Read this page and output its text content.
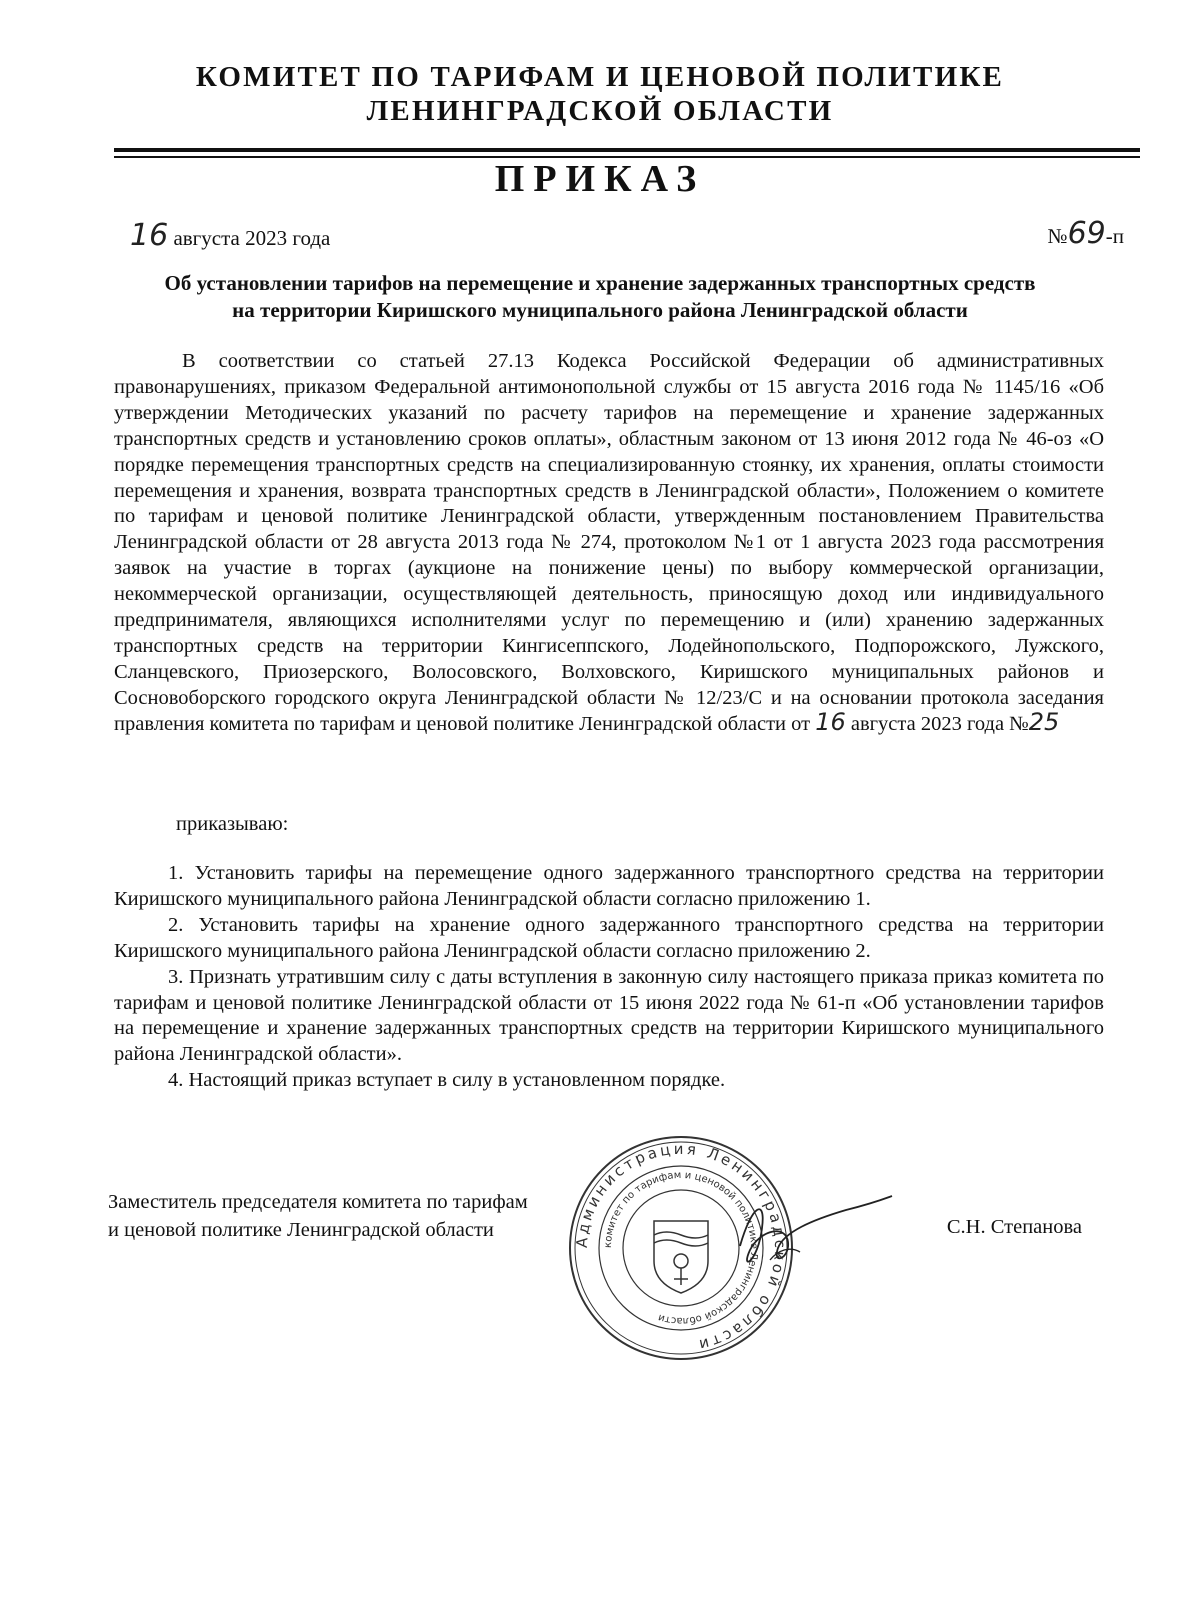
КОМИТЕТ ПО ТАРИФАМ И ЦЕНОВОЙ ПОЛИТИКЕ
ЛЕНИНГРАДСКОЙ ОБЛАСТИ
ПРИКАЗ
16 августа 2023 года	№69-п
Об установлении тарифов на перемещение и хранение задержанных транспортных средств
на территории Киришского муниципального района Ленинградской области

В соответствии со статьей 27.13 Кодекса Российской Федерации об административных правонарушениях, приказом Федеральной антимонопольной службы от 15 августа 2016 года № 1145/16 «Об утверждении Методических указаний по расчету тарифов на перемещение и хранение задержанных транспортных средств и установлению сроков оплаты», областным законом от 13 июня 2012 года № 46-оз «О порядке перемещения транспортных средств на специализированную стоянку, их хранения, оплаты стоимости перемещения и хранения, возврата транспортных средств в Ленинградской области», Положением о комитете по тарифам и ценовой политике Ленинградской области, утвержденным постановлением Правительства Ленинградской области от 28 августа 2013 года № 274, протоколом №1 от 1 августа 2023 года рассмотрения заявок на участие в торгах (аукционе на понижение цены) по выбору коммерческой организации, некоммерческой организации, осуществляющей деятельность, приносящую доход или индивидуального предпринимателя, являющихся исполнителями услуг по перемещению и (или) хранению задержанных транспортных средств на территории Кингисеппского, Лодейнопольского, Подпорожского, Лужского, Сланцевского, Приозерского, Волосовского, Волховского, Киришского муниципальных районов и Сосновоборского городского округа Ленинградской области № 12/23/С и на основании протокола заседания правления комитета по тарифам и ценовой политике Ленинградской области от 16 августа 2023 года №25

приказываю:

1. Установить тарифы на перемещение одного задержанного транспортного средства на территории Киришского муниципального района Ленинградской области согласно приложению 1.

2. Установить тарифы на хранение одного задержанного транспортного средства на территории Киришского муниципального района Ленинградской области согласно приложению 2.

3. Признать утратившим силу с даты вступления в законную силу настоящего приказа приказ комитета по тарифам и ценовой политике Ленинградской области от 15 июня 2022 года № 61-п «Об установлении тарифов на перемещение и хранение задержанных транспортных средств на территории Киришского муниципального района Ленинградской области».

4. Настоящий приказ вступает в силу в установленном порядке.

Заместитель председателя комитета по тарифам
и ценовой политике Ленинградской области
Администрация Ленинградской области
комитет по тарифам и ценовой политике Ленинградской области
С.Н. Степанова
